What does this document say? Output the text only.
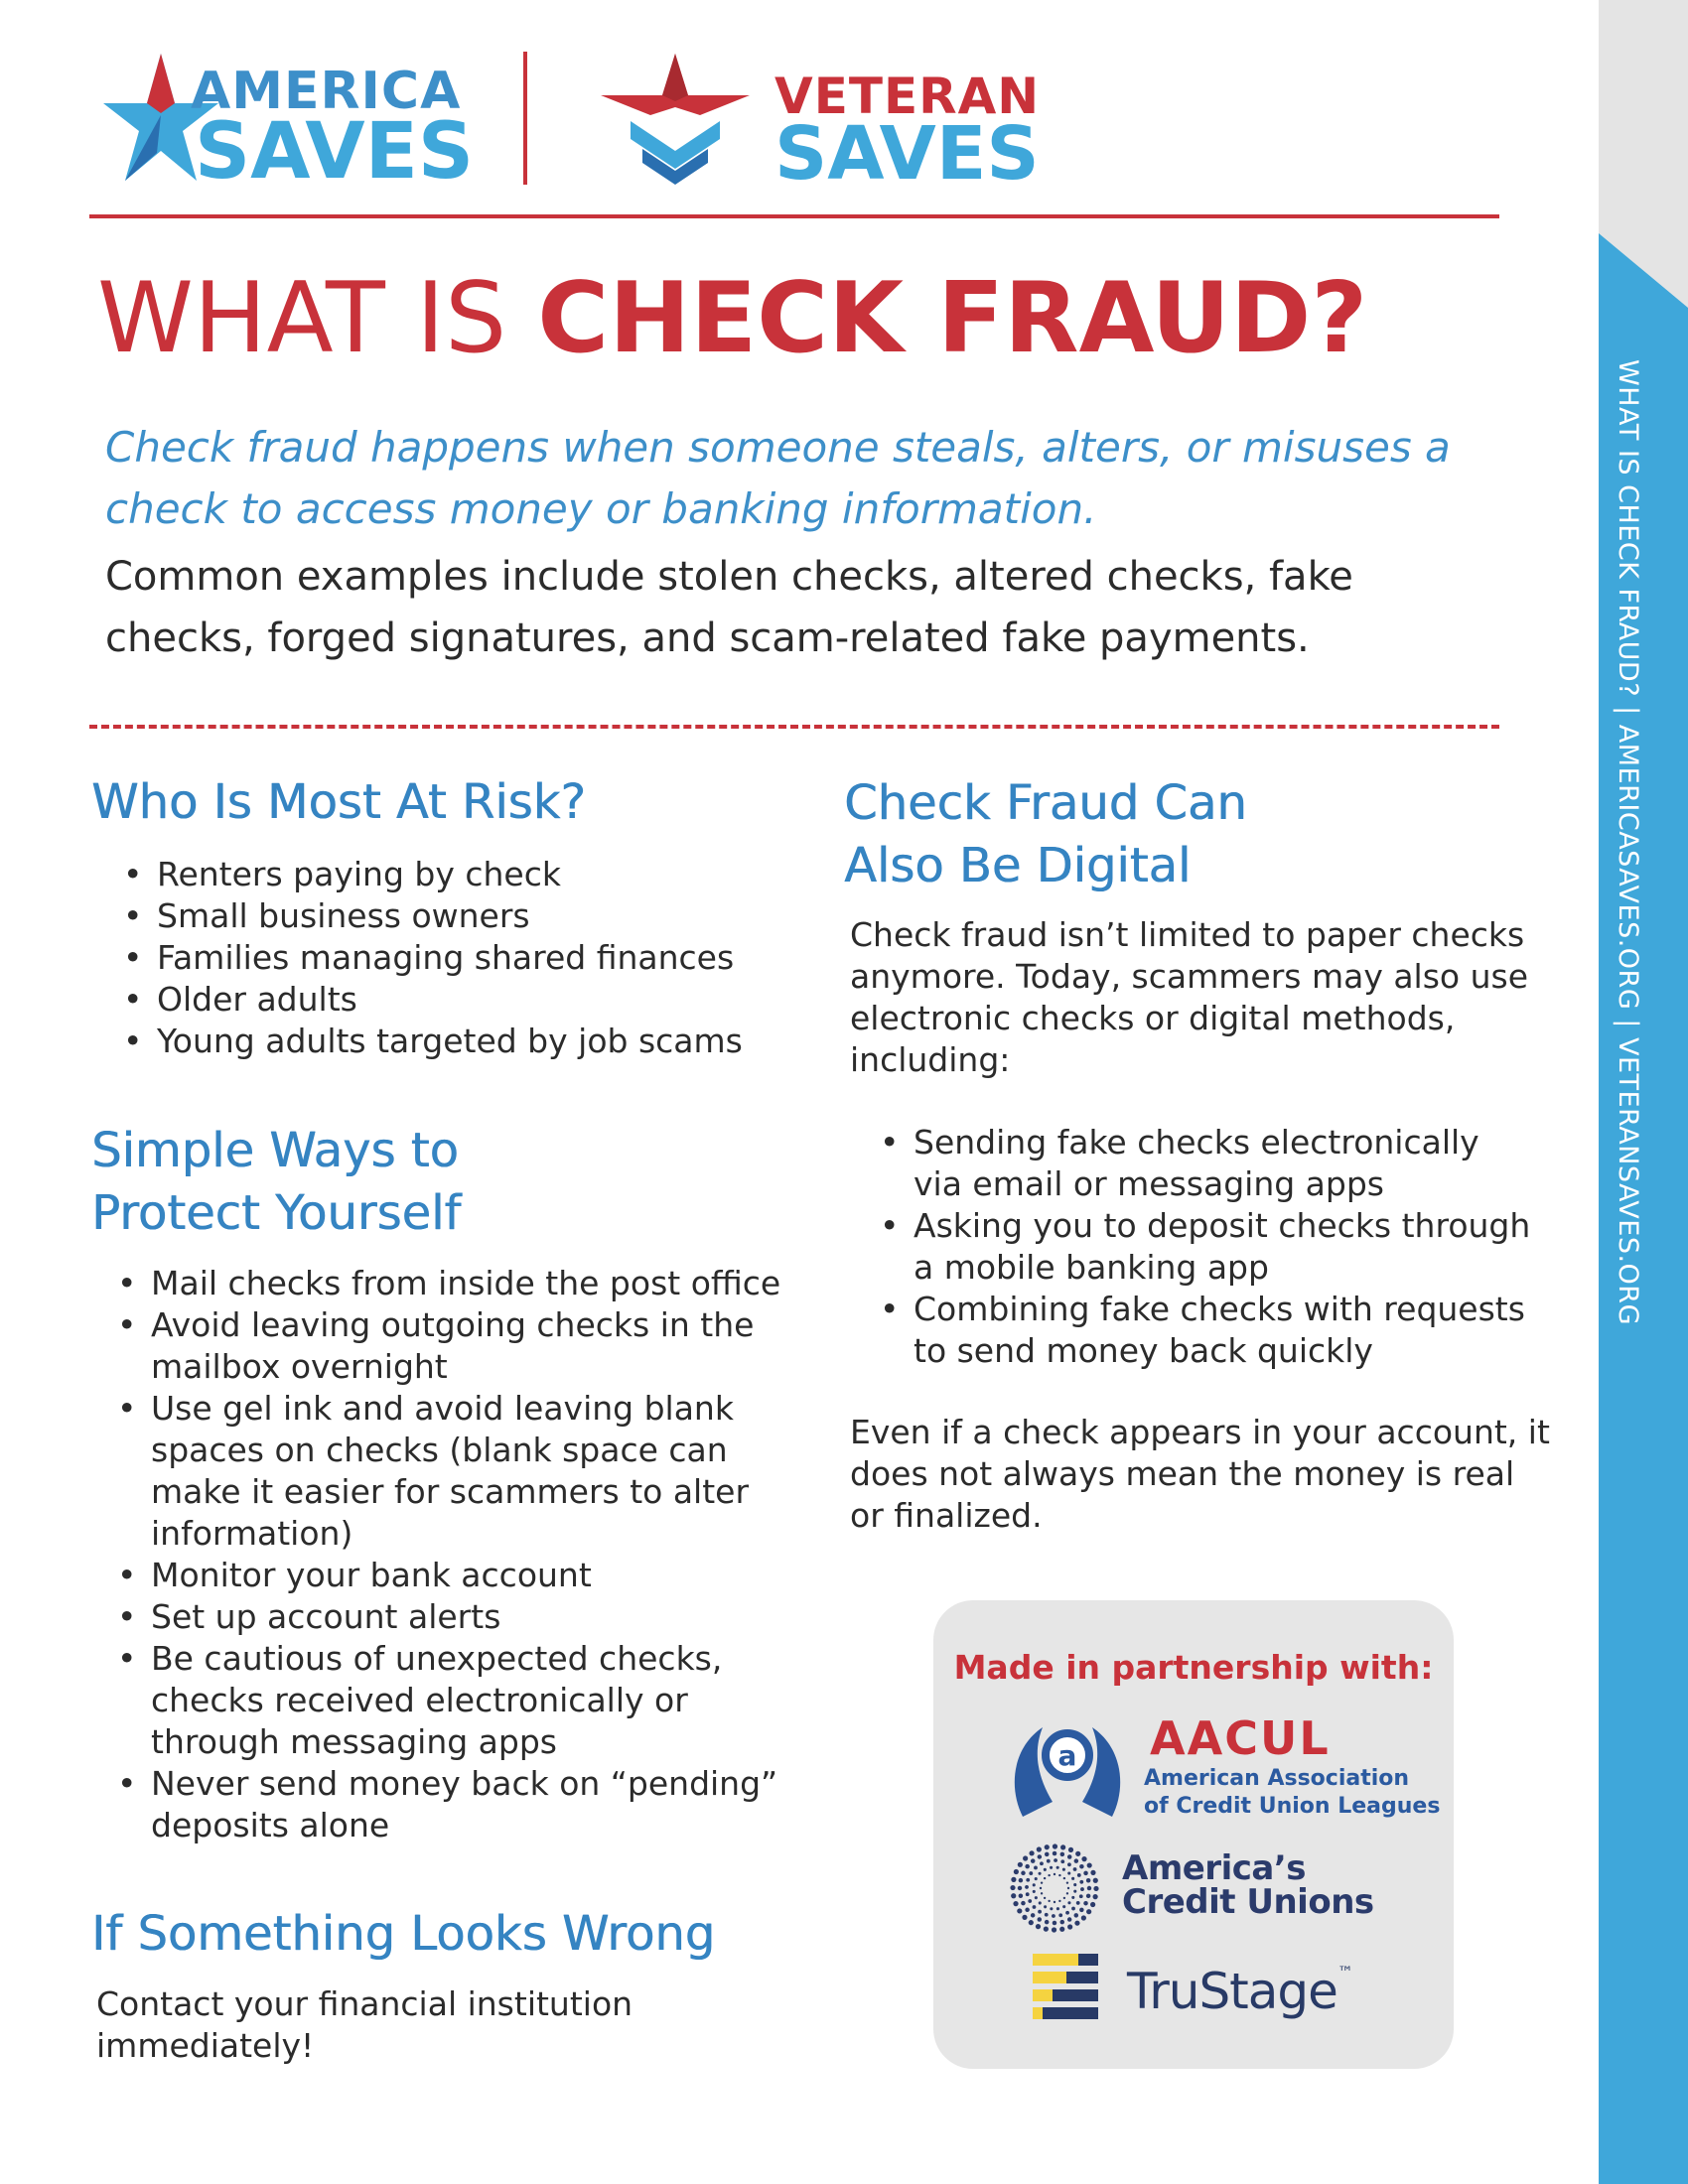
WHAT IS CHECK FRAUD? | AMERICASAVES.ORG | VETERANSAVES.ORG
AMERICA
SAVES
VETERAN
SAVES
WHAT IS CHECK FRAUD?
Check fraud happens when someone steals, alters, or misuses a check to access money or banking information.
Common examples include stolen checks, altered checks, fake checks, forged signatures, and scam-related fake payments.
Who Is Most At Risk?
• Renters paying by check
• Small business owners
• Families managing shared finances
• Older adults
• Young adults targeted by job scams
Simple Ways to
Protect Yourself
• Mail checks from inside the post office
• Avoid leaving outgoing checks in the mailbox overnight
• Use gel ink and avoid leaving blank spaces on checks (blank space can make it easier for scammers to alter information)
• Monitor your bank account
• Set up account alerts
• Be cautious of unexpected checks, checks received electronically or through messaging apps
• Never send money back on “pending” deposits alone
If Something Looks Wrong
Contact your financial institution immediately!
Check Fraud Can
Also Be Digital
Check fraud isn’t limited to paper checks anymore. Today, scammers may also use electronic checks or digital methods, including:
• Sending fake checks electronically via email or messaging apps
• Asking you to deposit checks through a mobile banking app
• Combining fake checks with requests to send money back quickly
Even if a check appears in your account, it does not always mean the money is real or finalized.
Made in partnership with:
a AACUL
American Association
of Credit Union Leagues
America’s
Credit Unions
TruStage™
